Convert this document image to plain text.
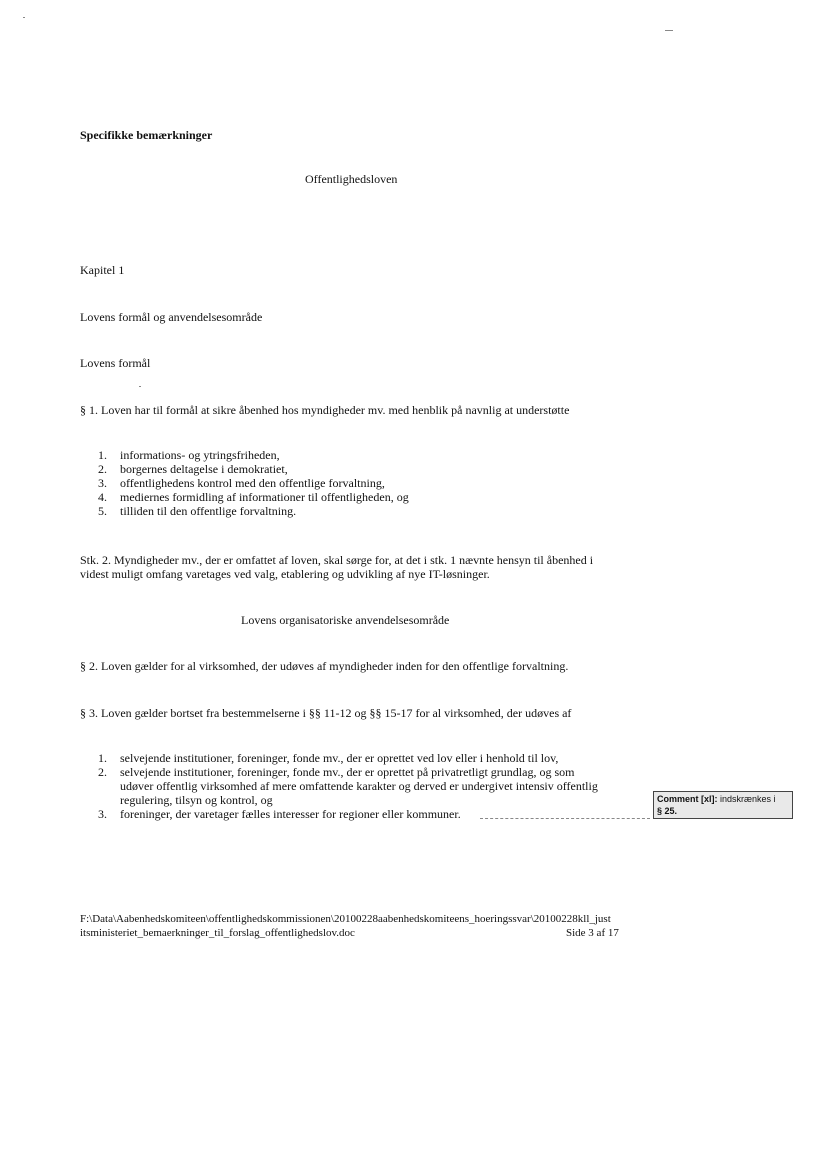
Specifikke bemærkninger
Offentlighedsloven
Kapitel 1
Lovens formål og anvendelsesområde
Lovens formål
§ 1. Loven har til formål at sikre åbenhed hos myndigheder mv. med henblik på navnlig at understøtte
1. informations- og ytringsfriheden,
2. borgernes deltagelse i demokratiet,
3. offentlighedens kontrol med den offentlige forvaltning,
4. mediernes formidling af informationer til offentligheden, og
5. tilliden til den offentlige forvaltning.
Stk. 2. Myndigheder mv., der er omfattet af loven, skal sørge for, at det i stk. 1 nævnte hensyn til åbenhed i
videst muligt omfang varetages ved valg, etablering og udvikling af nye IT-løsninger.
Lovens organisatoriske anvendelsesområde
§ 2. Loven gælder for al virksomhed, der udøves af myndigheder inden for den offentlige forvaltning.
§ 3. Loven gælder bortset fra bestemmelserne i §§ 11-12 og §§ 15-17 for al virksomhed, der udøves af
1. selvejende institutioner, foreninger, fonde mv., der er oprettet ved lov eller i henhold til lov,
2. selvejende institutioner, foreninger, fonde mv., der er oprettet på privatretligt grundlag, og som
udøver offentlig virksomhed af mere omfattende karakter og derved er undergivet intensiv offentlig
regulering, tilsyn og kontrol, og
3. foreninger, der varetager fælles interesser for regioner eller kommuner.
Comment [xl]: indskrænkes i
§ 25.
F:\Data\Aabenhedskomiteen\offentlighedskommissionen\20100228aabenhedskomiteens_hoeringssvar\20100228kll_just
itsministeriet_bemaerkninger_til_forslag_offentlighedslov.doc	Side 3 af 17
